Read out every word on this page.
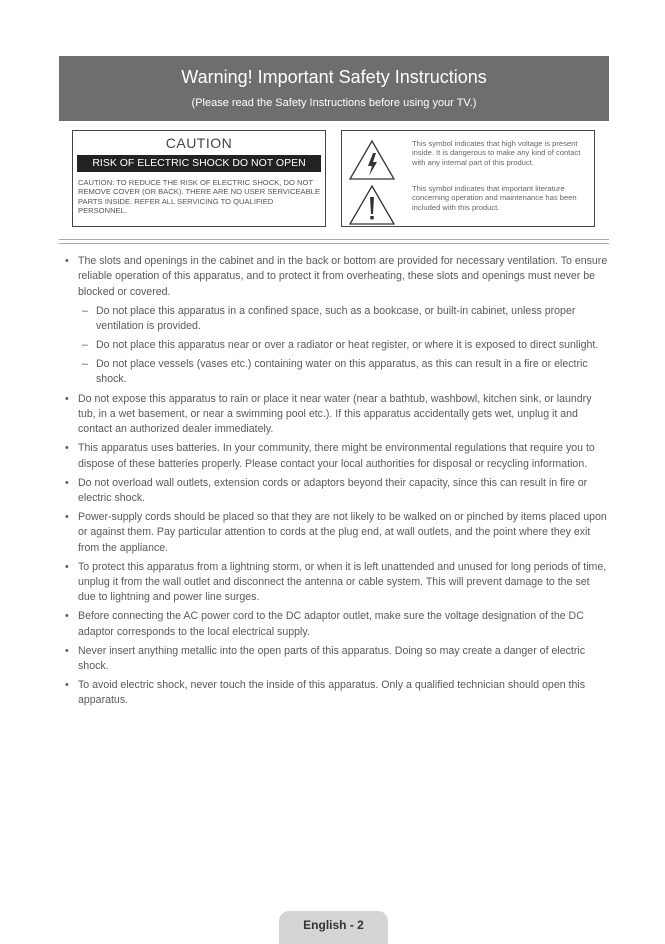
Warning! Important Safety Instructions
(Please read the Safety Instructions before using your TV.)
CAUTION
RISK OF ELECTRIC SHOCK DO NOT OPEN
CAUTION: TO REDUCE THE RISK OF ELECTRIC SHOCK, DO NOT REMOVE COVER (OR BACK). THERE ARE NO USER SERVICEABLE PARTS INSIDE. REFER ALL SERVICING TO QUALIFIED PERSONNEL.
This symbol indicates that high voltage is present inside. It is dangerous to make any kind of contact with any internal part of this product.
This symbol indicates that important literature concerning operation and maintenance has been included with this product.
• The slots and openings in the cabinet and in the back or bottom are provided for necessary ventilation. To ensure reliable operation of this apparatus, and to protect it from overheating, these slots and openings must never be blocked or covered.
– Do not place this apparatus in a confined space, such as a bookcase, or built-in cabinet, unless proper ventilation is provided.
– Do not place this apparatus near or over a radiator or heat register, or where it is exposed to direct sunlight.
– Do not place vessels (vases etc.) containing water on this apparatus, as this can result in a fire or electric shock.
• Do not expose this apparatus to rain or place it near water (near a bathtub, washbowl, kitchen sink, or laundry tub, in a wet basement, or near a swimming pool etc.). If this apparatus accidentally gets wet, unplug it and contact an authorized dealer immediately.
• This apparatus uses batteries. In your community, there might be environmental regulations that require you to dispose of these batteries properly. Please contact your local authorities for disposal or recycling information.
• Do not overload wall outlets, extension cords or adaptors beyond their capacity, since this can result in fire or electric shock.
• Power-supply cords should be placed so that they are not likely to be walked on or pinched by items placed upon or against them. Pay particular attention to cords at the plug end, at wall outlets, and the point where they exit from the appliance.
• To protect this apparatus from a lightning storm, or when it is left unattended and unused for long periods of time, unplug it from the wall outlet and disconnect the antenna or cable system. This will prevent damage to the set due to lightning and power line surges.
• Before connecting the AC power cord to the DC adaptor outlet, make sure the voltage designation of the DC adaptor corresponds to the local electrical supply.
• Never insert anything metallic into the open parts of this apparatus. Doing so may create a danger of electric shock.
• To avoid electric shock, never touch the inside of this apparatus. Only a qualified technician should open this apparatus.
English - 2
